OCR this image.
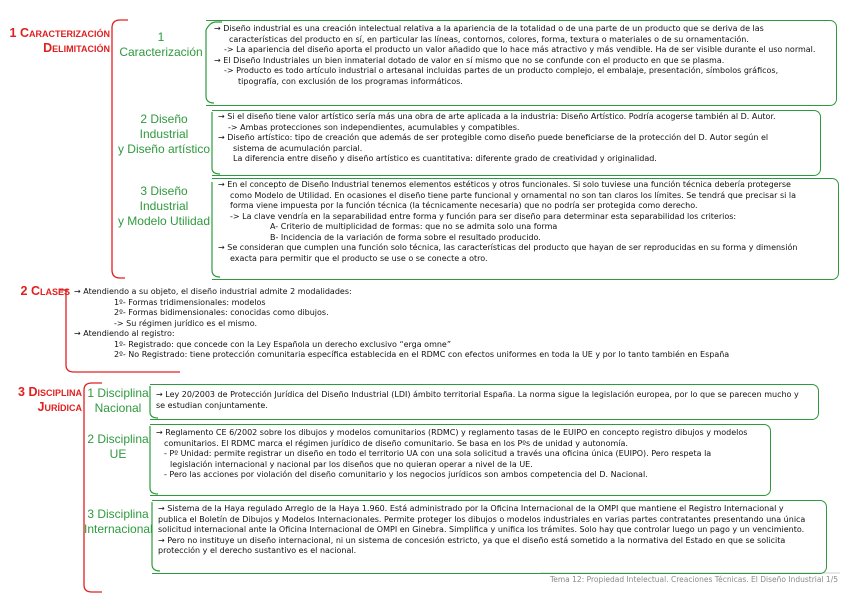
1 Caracterización
Delimitación
1 Caracterización
→ Diseño industrial es una creación intelectual relativa a la apariencia de la totalidad o de una parte de un producto que se deriva de las
características del producto en sí, en particular las líneas, contornos, colores, forma, textura o materiales o de su ornamentación.
-> La apariencia del diseño aporta el producto un valor añadido que lo hace más atractivo y más vendible. Ha de ser visible durante el uso normal.
→ El Diseño Industriales un bien inmaterial dotado de valor en sí mismo que no se confunde con el producto en que se plasma.
-> Producto es todo artículo industrial o artesanal incluidas partes de un producto complejo, el embalaje, presentación, símbolos gráficos,
tipografía, con exclusión de los programas informáticos.
2 Diseño Industrial
y Diseño artístico
→ Si el diseño tiene valor artístico sería más una obra de arte aplicada a la industria: Diseño Artístico. Podría acogerse también al D. Autor.
-> Ambas protecciones son independientes, acumulables y compatibles.
→ Diseño artístico: tipo de creación que además de ser protegible como diseño puede beneficiarse de la protección del D. Autor según el
sistema de acumulación parcial.
La diferencia entre diseño y diseño artístico es cuantitativa: diferente grado de creatividad y originalidad.
3 Diseño Industrial
y Modelo Utilidad
→ En el concepto de Diseño Industrial tenemos elementos estéticos y otros funcionales. Si solo tuviese una función técnica debería protegerse
como Modelo de Utilidad. En ocasiones el diseño tiene parte funcional y ornamental no son tan claros los límites. Se tendrá que precisar si la
forma viene impuesta por la función técnica (la técnicamente necesaria) que no podría ser protegida como derecho.
-> La clave vendría en la separabilidad entre forma y función para ser diseño para determinar esta separabilidad los criterios:
A- Criterio de multiplicidad de formas: que no se admita solo una forma
B- Incidencia de la variación de forma sobre el resultado producido.
→ Se consideran que cumplen una función solo técnica, las características del producto que hayan de ser reproducidas en su forma y dimensión
exacta para permitir que el producto se use o se conecte a otro.
2 Clases → Atendiendo a su objeto, el diseño industrial admite 2 modalidades:
1º- Formas tridimensionales: modelos
2º- Formas bidimensionales: conocidas como dibujos.
-> Su régimen jurídico es el mismo.
→ Atendiendo al registro:
1º- Registrado: que concede con la Ley Española un derecho exclusivo “erga omne”
2º- No Registrado: tiene protección comunitaria específica establecida en el RDMC con efectos uniformes en toda la UE y por lo tanto también en España
3 Disciplina
Jurídica
1 Disciplina
Nacional
→ Ley 20/2003 de Protección Jurídica del Diseño Industrial (LDI) ámbito territorial España. La norma sigue la legislación europea, por lo que se parecen mucho y
se estudian conjuntamente.
2 Disciplina
UE
→ Reglamento CE 6/2002 sobre los dibujos y modelos comunitarios (RDMC) y reglamento tasas de le EUIPO en concepto registro dibujos y modelos
comunitarios. El RDMC marca el régimen jurídico de diseño comunitario. Se basa en los Pºs de unidad y autonomía.
- Pº Unidad: permite registrar un diseño en todo el territorio UA con una sola solicitud a través una oficina única (EUIPO). Pero respeta la
legislación internacional y nacional par los diseños que no quieran operar a nivel de la UE.
- Pero las acciones por violación del diseño comunitario y los negocios jurídicos son ambos competencia del D. Nacional.
3 Disciplina
Internacional
→ Sistema de la Haya regulado Arreglo de la Haya 1.960. Está administrado por la Oficina Internacional de la OMPI que mantiene el Registro Internacional y
publica el Boletín de Dibujos y Modelos Internacionales. Permite proteger los dibujos o modelos industriales en varias partes contratantes presentando una única
solicitud internacional ante la Oficina Internacional de OMPI en Ginebra. Simplifica y unifica los trámites. Solo hay que controlar luego un pago y un vencimiento.
→ Pero no instituye un diseño internacional, ni un sistema de concesión estricto, ya que el diseño está sometido a la normativa del Estado en que se solicita
protección y el derecho sustantivo es el nacional.
Tema 12: Propiedad Intelectual. Creaciones Técnicas. El Diseño Industrial 1/5
